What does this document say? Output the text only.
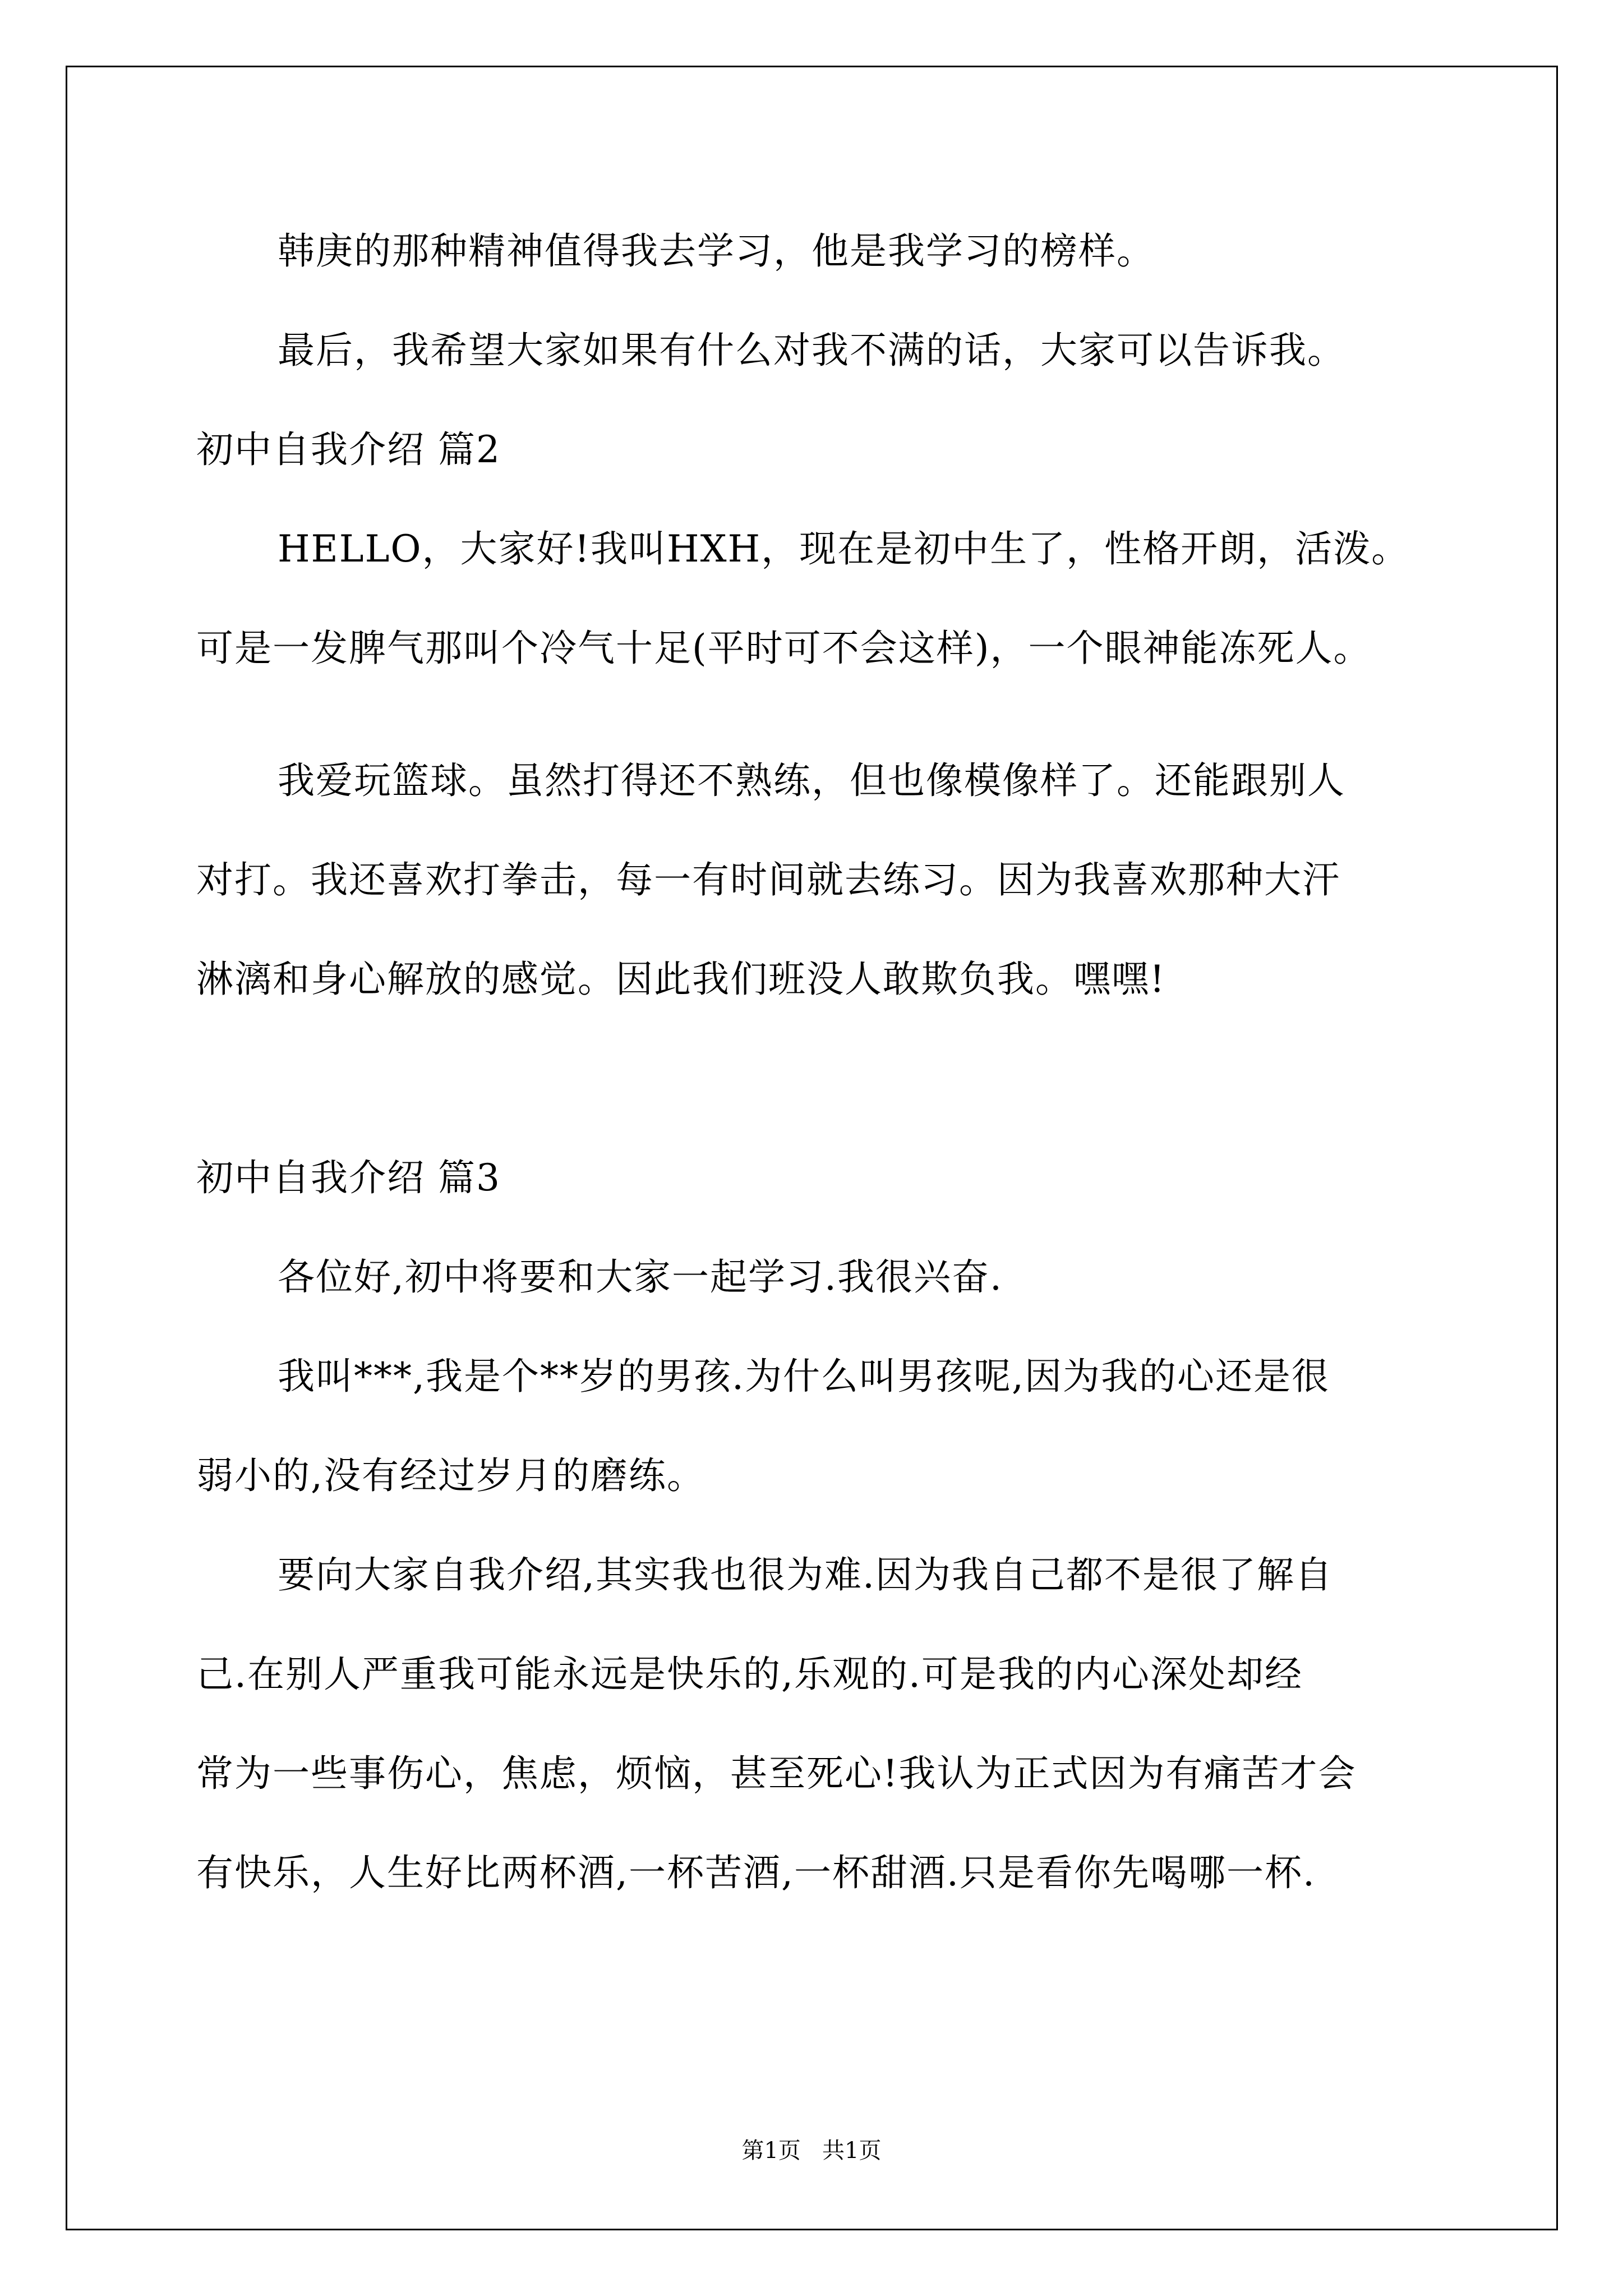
韩庚的那种精神值得我去学习，他是我学习的榜样。
最后，我希望大家如果有什么对我不满的话，大家可以告诉我。
初中自我介绍 篇2
HELLO，大家好!我叫HXH，现在是初中生了，性格开朗，活泼。
可是一发脾气那叫个冷气十足(平时可不会这样)，一个眼神能冻死人。
我爱玩篮球。虽然打得还不熟练，但也像模像样了。还能跟别人
对打。我还喜欢打拳击，每一有时间就去练习。因为我喜欢那种大汗
淋漓和身心解放的感觉。因此我们班没人敢欺负我。嘿嘿!
初中自我介绍 篇3
各位好,初中将要和大家一起学习.我很兴奋.
我叫***,我是个**岁的男孩.为什么叫男孩呢,因为我的心还是很
弱小的,没有经过岁月的磨练。
要向大家自我介绍,其实我也很为难.因为我自己都不是很了解自
己.在别人严重我可能永远是快乐的,乐观的.可是我的内心深处却经
常为一些事伤心，焦虑，烦恼，甚至死心!我认为正式因为有痛苦才会
有快乐，人生好比两杯酒,一杯苦酒,一杯甜酒.只是看你先喝哪一杯.
第1页   共1页
